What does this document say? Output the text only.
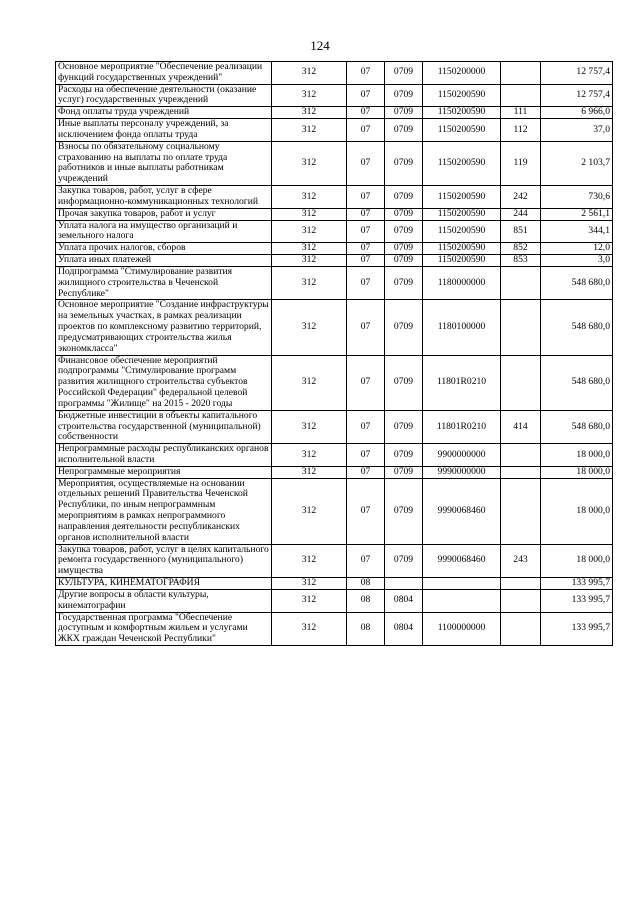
124
Основное мероприятие "Обеспечение реализации функций государственных учреждений"	312	07	0709	1150200000		12 757,4
Расходы на обеспечение деятельности (оказание услуг) государственных учреждений	312	07	0709	1150200590		12 757,4
Фонд оплаты труда учреждений	312	07	0709	1150200590	111	6 966,0
Иные выплаты персоналу учреждений, за исключением фонда оплаты труда	312	07	0709	1150200590	112	37,0
Взносы по обязательному социальному страхованию на выплаты по оплате труда работников и иные выплаты работникам учреждений	312	07	0709	1150200590	119	2 103,7
Закупка товаров, работ, услуг в сфере информационно-коммуникационных технологий	312	07	0709	1150200590	242	730,6
Прочая закупка товаров, работ и услуг	312	07	0709	1150200590	244	2 561,1
Уплата налога на имущество организаций и земельного налога	312	07	0709	1150200590	851	344,1
Уплата прочих налогов, сборов	312	07	0709	1150200590	852	12,0
Уплата иных платежей	312	07	0709	1150200590	853	3,0
Подпрограмма "Стимулирование развития жилищного строительства в Чеченской Республике"	312	07	0709	1180000000		548 680,0
Основное мероприятие "Создание инфраструктуры на земельных участках, в рамках реализации проектов по комплексному развитию территорий, предусматривающих строительства жилья экономкласса"	312	07	0709	1180100000		548 680,0
Финансовое обеспечение мероприятий подпрограммы "Стимулирование программ развития жилищного строительства субъектов Российской Федерации" федеральной целевой программы "Жилище" на 2015 - 2020 годы	312	07	0709	11801R0210		548 680,0
Бюджетные инвестиции в объекты капитального строительства государственной (муниципальной) собственности	312	07	0709	11801R0210	414	548 680,0
Непрограммные расходы республиканских органов исполнительной власти	312	07	0709	9900000000		18 000,0
Непрограммные мероприятия	312	07	0709	9990000000		18 000,0
Мероприятия, осуществляемые на основании отдельных решений Правительства Чеченской Республики, по иным непрограммным мероприятиям в рамках непрограммного направления деятельности республиканских органов исполнительной власти	312	07	0709	9990068460		18 000,0
Закупка товаров, работ, услуг в целях капитального ремонта государственного (муниципального) имущества	312	07	0709	9990068460	243	18 000,0
КУЛЬТУРА, КИНЕМАТОГРАФИЯ	312	08				133 995,7
Другие вопросы в области культуры, кинематографии	312	08	0804			133 995,7
Государственная программа "Обеспечение доступным и комфортным жильем и услугами ЖКХ граждан Чеченской Республики"	312	08	0804	1100000000		133 995,7
